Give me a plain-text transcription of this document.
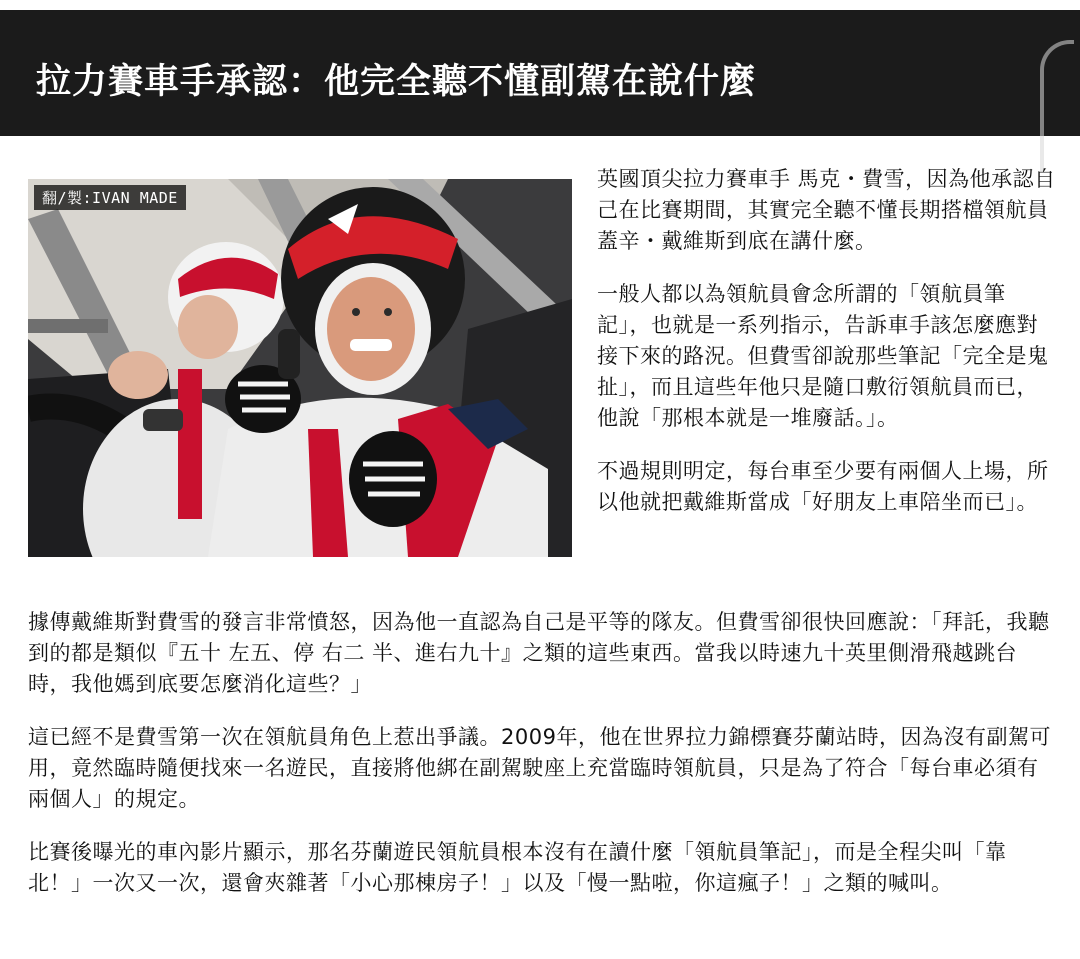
拉力賽車手承認：他完全聽不懂副駕在說什麼
翻/製:IVAN MADE

英國頂尖拉力賽車手 馬克・費雪，因為他承認自己在比賽期間，其實完全聽不懂長期搭檔領航員蓋辛・戴維斯到底在講什麼。

一般人都以為領航員會念所謂的「領航員筆記」，也就是一系列指示，告訴車手該怎麼應對接下來的路況。但費雪卻說那些筆記「完全是鬼扯」，而且這些年他只是隨口敷衍領航員而已，他說「那根本就是一堆廢話。」。

不過規則明定，每台車至少要有兩個人上場，所以他就把戴維斯當成「好朋友上車陪坐而已」。

據傳戴維斯對費雪的發言非常憤怒，因為他一直認為自己是平等的隊友。但費雪卻很快回應說：「拜託，我聽到的都是類似『五十 左五、停 右二 半、進右九十』之類的這些東西。當我以時速九十英里側滑飛越跳台時，我他媽到底要怎麼消化這些？」

這已經不是費雪第一次在領航員角色上惹出爭議。2009年，他在世界拉力錦標賽芬蘭站時，因為沒有副駕可用，竟然臨時隨便找來一名遊民，直接將他綁在副駕駛座上充當臨時領航員，只是為了符合「每台車必須有兩個人」的規定。

比賽後曝光的車內影片顯示，那名芬蘭遊民領航員根本沒有在讀什麼「領航員筆記」，而是全程尖叫「靠北！」一次又一次，還會夾雜著「小心那棟房子！」以及「慢一點啦，你這瘋子！」之類的喊叫。
